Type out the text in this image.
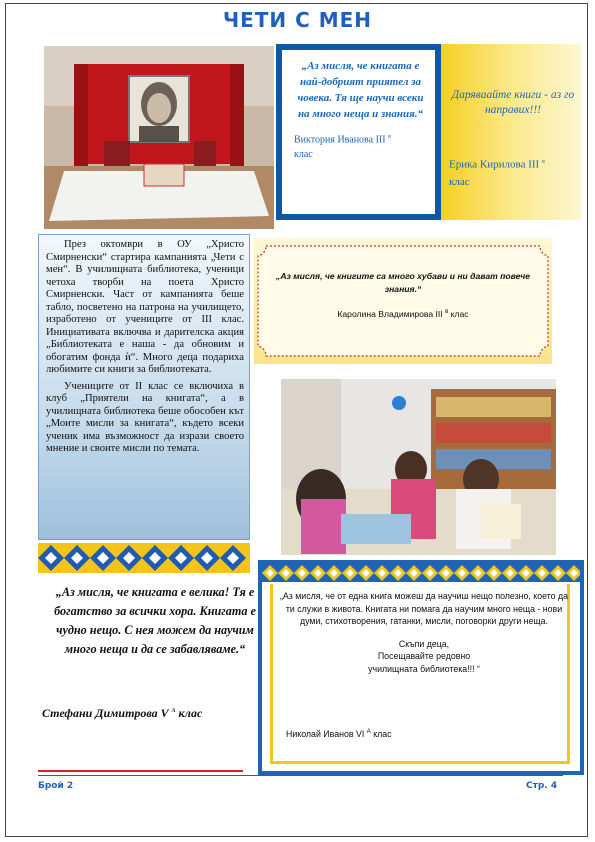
ЧЕТИ С МЕН
„Аз мисля, че книгата е най-добрият приятел за човека. Тя ще научи всеки на много неща и знания.“
Виктория Иванова III $^в$
клас
Даряваайте книги - аз го направих!!!
Ерика Кирилова III $^в$
клас

През октомври в ОУ „Христо Смирненски“ стартира кампанията „Чети с мен“. В училищната библиотека, ученици четоха творби на поета Христо Смирненски. Част от кампанията беше табло, посветено на патрона на училището, изработено от учениците от III клас. Инициативата включва и дарителска акция „Библиотеката е наша - да обновим и обогатим фонда ѝ“. Много деца подариха любимите си книги за библиотеката.

Учениците от II клас се включиха в клуб „Приятели на книгата“, а в училищната библиотека беше обособен кът „Моите мисли за книгата“, където всеки ученик има възможност да изрази своето мнение и своите мисли по темата.

„Аз мисля, че книгите са много хубави и ни дават повече знания.“
Каролина Владимирова III $^в$ клас
„Аз мисля, че книгата е велика! Тя е богатство за всички хора. Книгата е чудно нещо. С нея можем да научим много неща и да се забавляваме.“
Стефани Димитрова V $^А$ клас
„Аз мисля, че от една книга можеш да научиш нещо полезно, което да ти служи в живота. Книгата ни помага да научим много неща - нови думи, стихотворения, гатанки, мисли, поговорки други неща.
Скъпи деца,
Посещавайте редовно
училищната библиотека!!! “
Николай Иванов VI $^А$ клас
Брой 2	Стр. 4
